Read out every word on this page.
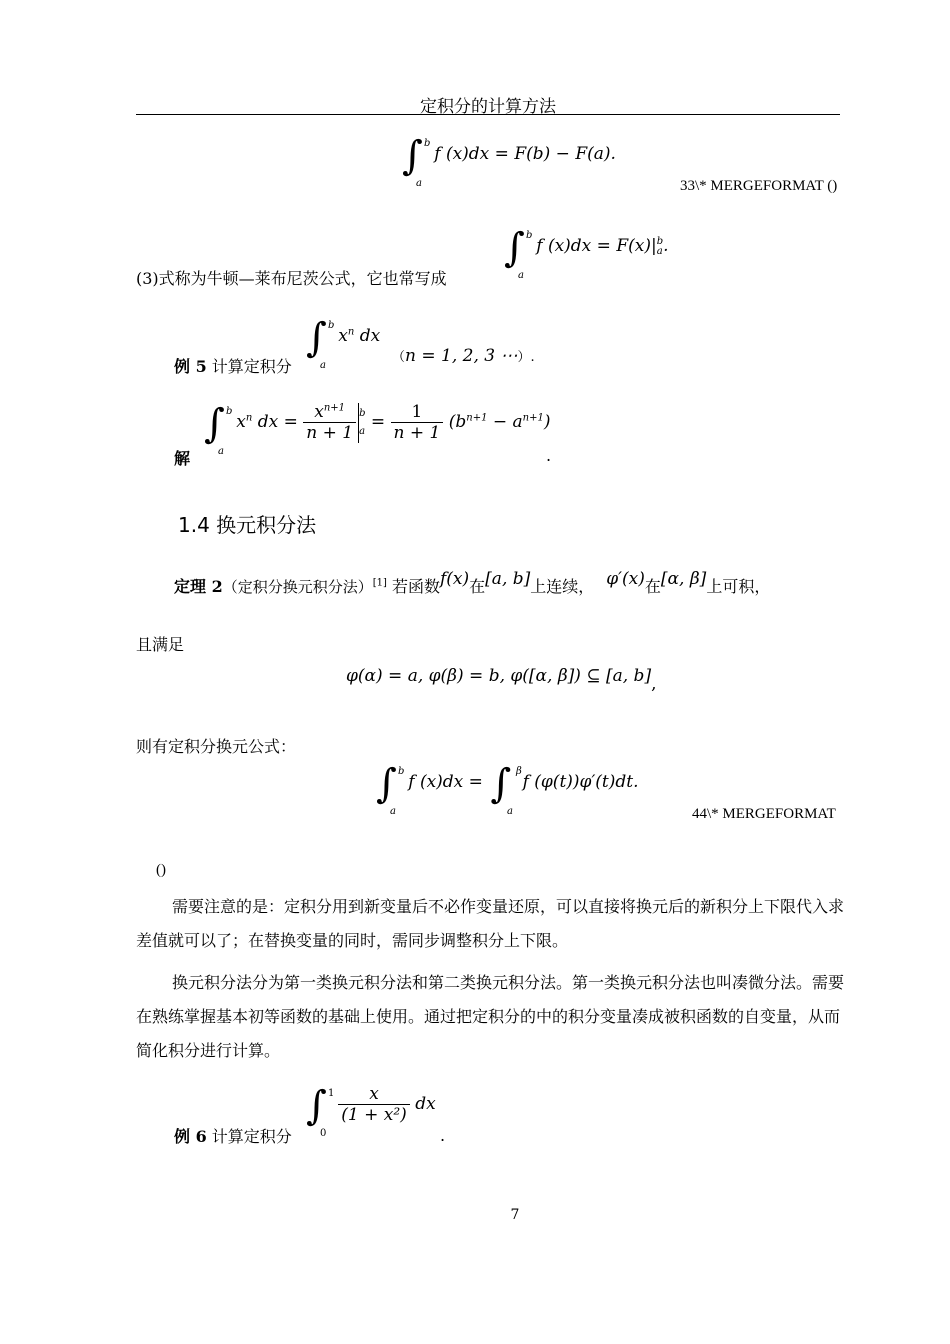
定积分的计算方法
∫ b
a
f (x)dx = F(b) − F(a).
33\* MERGEFORMAT ()
(3)式称为牛顿—莱布尼茨公式，它也常写成
∫ b
a
f (x)dx = F(x)| b
a .
例 5 计算定积分
∫ b
a
$x^n$ dx
（n = 1, 2, 3 ⋯）.
解
∫ b
a
$x^n$ dx = $\frac{x^{n+1}}{n + 1}$ b
$a = \frac{1}{n + 1} (b^{n+1} - a^{n+1})$
.
1.4 换元积分法
定理 2（定积分换元积分法）[1] 若函数f(x)在[a, b]上连续， φ′(x)在[α, β]上可积，
且满足
φ(α) = a, φ(β) = b, φ([α, β]) ⊆ [a, b],
则有定积分换元公式：
∫ b
a
f (x)dx = ∫ β
a
f (φ(t))φ′(t)dt.
44\* MERGEFORMAT
()
需要注意的是：定积分用到新变量后不必作变量还原，可以直接将换元后的新积分上下限代入求差值就可以了；在替换变量的同时，需同步调整积分上下限。
换元积分法分为第一类换元积分法和第二类换元积分法。第一类换元积分法也叫凑微分法。需要在熟练掌握基本初等函数的基础上使用。通过把定积分的中的积分变量凑成被积函数的自变量，从而简化积分进行计算。
例 6 计算定积分
∫ 1
0
$\frac{x}{\text{(1 + x²)}}$ dx
.
7
